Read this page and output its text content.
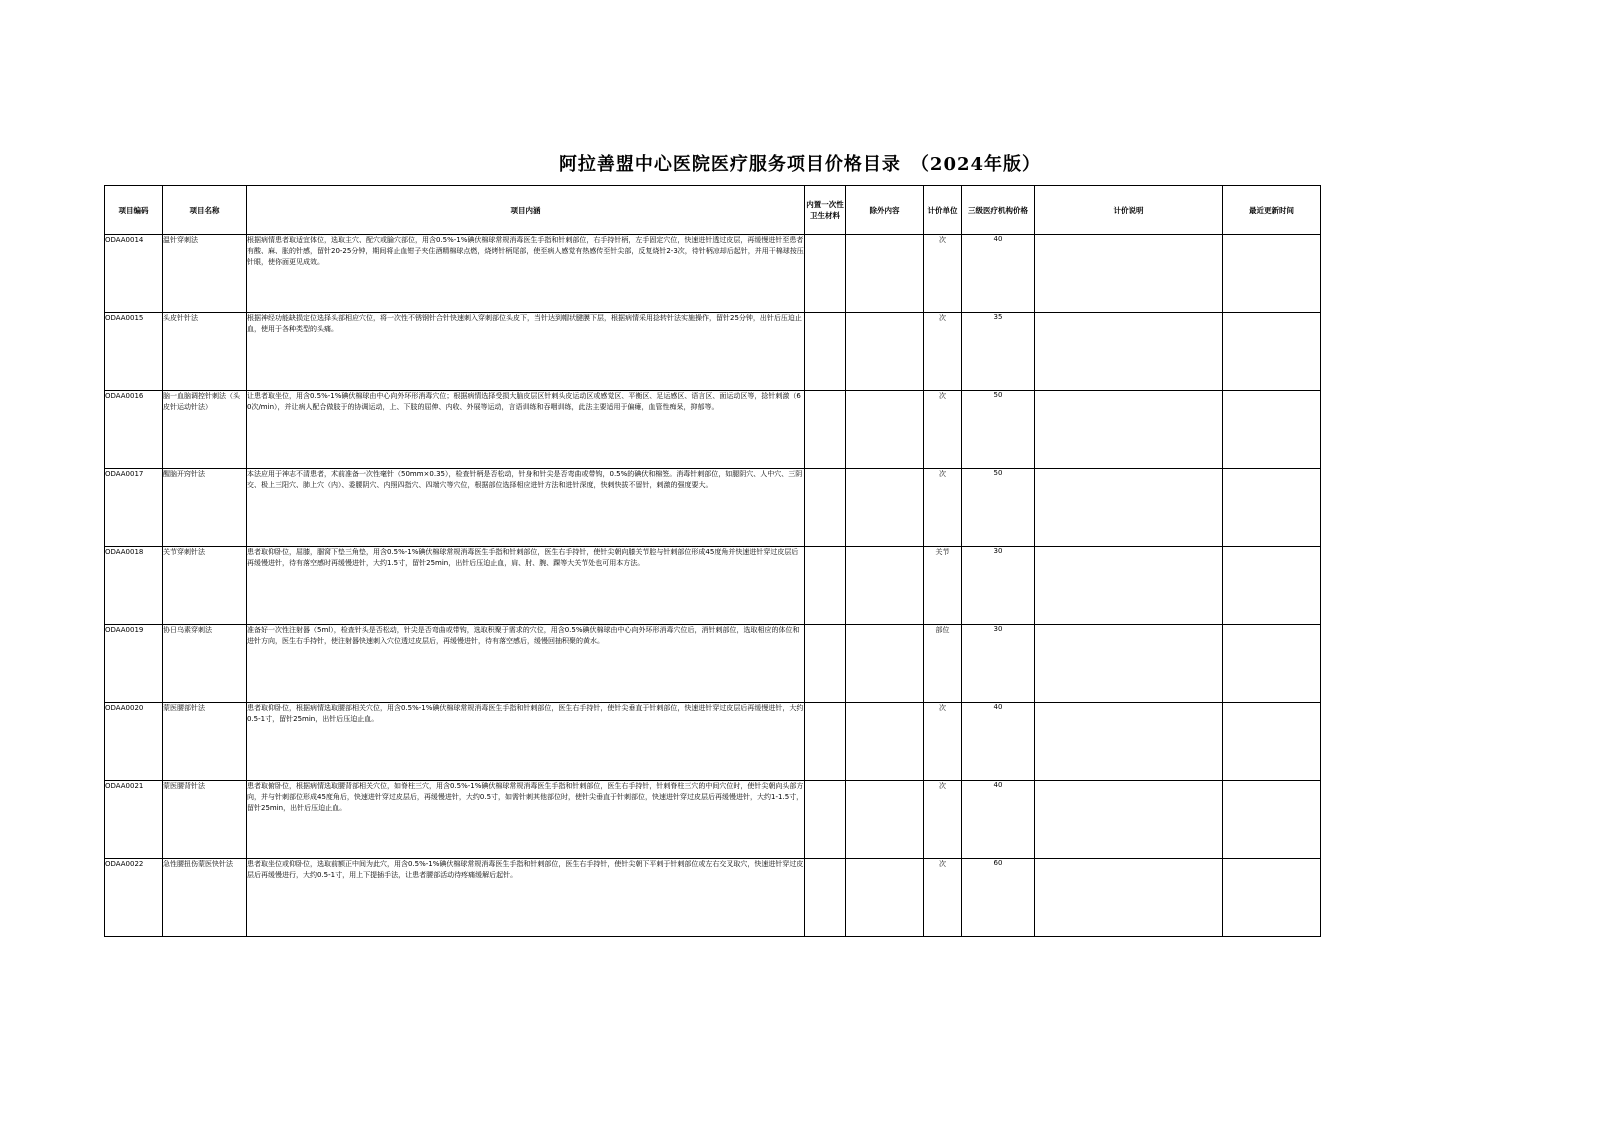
阿拉善盟中心医院医疗服务项目价格目录　（2024年版）
项目编码	项目名称	项目内涵	内置一次性卫生材料	除外内容	计价单位	三级医疗机构价格	计价说明	最近更新时间
ODAA0014	温针穿刺法	根据病情患者取适宜体位，选取主穴、配穴或腧穴部位，用含0.5%-1%碘伏棉球常规消毒医生手指和针刺部位，右手持针柄，左手固定穴位，快速进针透过皮层，再缓慢进针至患者有酸、麻、胀的针感，留针20-25分钟，期间将止血钳子夹住酒精棉球点燃，烧烤针柄尾部，使至病人感觉有热感传至针尖部，反复烧针2-3次，待针柄凉却后起针，并用干棉球按压针眼，使你面更见成效。			次	40		
ODAA0015	头皮针针法	根据神经功能缺损定位选择头部相应穴位，将一次性不锈钢针合针快速刺入穿刺部位头皮下，当针达到帽状腱膜下层，根据病情采用捻转针法实施操作，留针25分钟，出针后压迫止血，使用于各种类型的头痛。			次	35		
ODAA0016	脑一血脑调控针刺法（头皮针运动针法）	让患者取坐位，用含0.5%-1%碘伏棉球由中心向外环形消毒穴位；根据病情选择受损大脑皮层区针刺头皮运动区或感觉区、平衡区、足运感区、语言区、面运动区等，捻针刺激（60次/min），并让病人配合做肢于的协调运动，上、下肢的屈伸、内收、外展等运动，言语训练和吞咽训练，此法主要适用于偏瘫，血管性痴呆，抑郁等。			次	50		
ODAA0017	醒脑开窍针法	本法应用于神志不清患者，术前准备一次性毫针（50mm×0.35），检查针柄是否松动，针身和针尖是否弯曲或带钩，0.5%的碘伏和棉签。消毒针刺部位，如腿阴穴、人中穴、三阴交、极上三阳穴、肺上穴（内）、委腰阴穴、内照四指穴、四端穴等穴位，根据部位选择相应进针方法和进针深度，快刺快拔不留针，刺激的强度要大。			次	50		
ODAA0018	关节穿刺针法	患者取仰卧位，屈膝，腘窝下垫三角垫，用含0.5%-1%碘伏棉球常规消毒医生手指和针刺部位，医生右手持针，使针尖朝向膝关节腔与针刺部位形成45度角并快速进针穿过皮层后再缓慢进针，待有落空感时再缓慢进针，大约1.5寸，留针25min，出针后压迫止血，肩、肘、腕、踝等大关节处也可用本方法。			关节	30		
ODAA0019	协日乌素穿刺法	准备好一次性注射器（5ml），检查针头是否松动，针尖是否弯曲或带钩，选取积聚于需求的穴位，用含0.5%碘伏棉球由中心向外环形消毒穴位后，消针刺部位，选取相应的体位和进针方向，医生右手持针，使注射器快速刺入穴位透过皮层后，再缓慢进针，待有落空感后，缓慢回抽积聚的黄水。			部位	30		
ODAA0020	蒙医腰部针法	患者取仰卧位，根据病情选取腰部相关穴位，用含0.5%-1%碘伏棉球常规消毒医生手指和针刺部位，医生右手持针，使针尖垂直于针刺部位，快速进针穿过皮层后再缓慢进针，大约0.5-1寸，留针25min，出针后压迫止血。			次	40		
ODAA0021	蒙医腰背针法	患者取俯卧位，根据病情选取腰背部相关穴位，如脊柱三穴，用含0.5%-1%碘伏棉球常规消毒医生手指和针刺部位，医生右手持针，针刺脊柱三穴的中间穴位时，使针尖朝向头部方向，并与针刺部位形成45度角后，快速进针穿过皮层后，再缓慢进针，大约0.5寸，如需针刺其他部位时，使针尖垂直于针刺部位，快速进针穿过皮层后再缓慢进针，大约1-1.5寸，留针25min，出针后压迫止血。			次	40		
ODAA0022	急性腰扭伤蒙医快针法	患者取坐位或仰卧位，选取前额正中间为此穴，用含0.5%-1%碘伏棉球常规消毒医生手指和针刺部位，医生右手持针，使针尖朝下平刺于针刺部位或左右交叉取穴，快速进针穿过皮层后再缓慢进行，大约0.5-1寸，用上下提插手法，让患者腰部活动待疼痛缓解后起针。			次	60		
